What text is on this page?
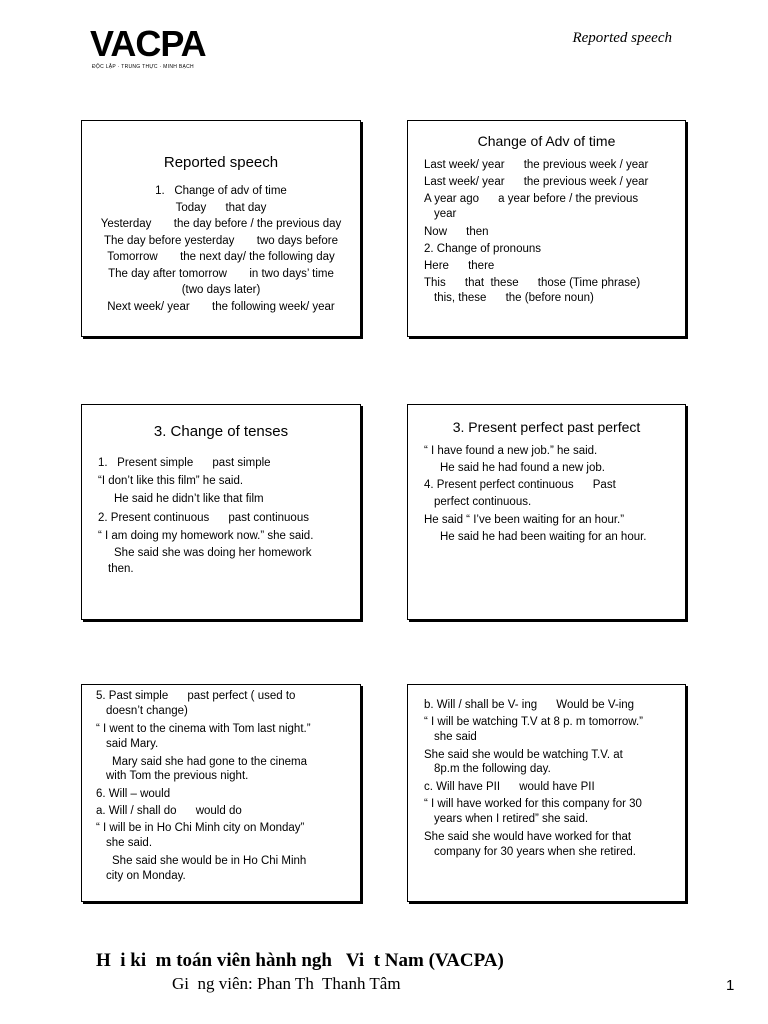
VACPA
ĐỘC LẬP · TRUNG THỰC · MINH BẠCH
Reported speech
Reported speech
1.   Change of adv of time
Today      that day
Yesterday       the day before / the previous day
The day before yesterday       two days before
Tomorrow       the next day/ the following day
The day after tomorrow       in two days’ time
(two days later)
Next week/ year       the following week/ year
Change of Adv of time
Last week/ year      the previous week / year
Last week/ year      the previous week / year
A year ago      a year before / the previous
year
Now      then
2. Change of pronouns
Here      there
This      that  these      those (Time phrase)
this, these      the (before noun)
3. Change of tenses
1.   Present simple      past simple
“I don’t like this film” he said.
He said he didn’t like that film
2. Present continuous      past continuous
“ I am doing my homework now.” she said.
She said she was doing her homework
then.
3. Present perfect past perfect
“ I have found a new job.” he said.
He said he had found a new job.
4. Present perfect continuous      Past
perfect continuous.
He said “ I’ve been waiting for an hour.”
He said he had been waiting for an hour.
5. Past simple      past perfect ( used to
doesn’t change)
“ I went to the cinema with Tom last night.”
said Mary.
Mary said she had gone to the cinema
with Tom the previous night.
6. Will – would
a. Will / shall do      would do
“ I will be in Ho Chi Minh city on Monday”
she said.
She said she would be in Ho Chi Minh
city on Monday.
b. Will / shall be V- ing      Would be V-ing
“ I will be watching T.V at 8 p. m tomorrow.”
she said
She said she would be watching T.V. at
8p.m the following day.
c. Will have PII      would have PII
“ I will have worked for this company for 30
years when I retired” she said.
She said she would have worked for that
company for 30 years when she retired.
H  i ki  m toán viên hành ngh   Vi  t Nam (VACPA)
Gi  ng viên: Phan Th  Thanh Tâm	1
